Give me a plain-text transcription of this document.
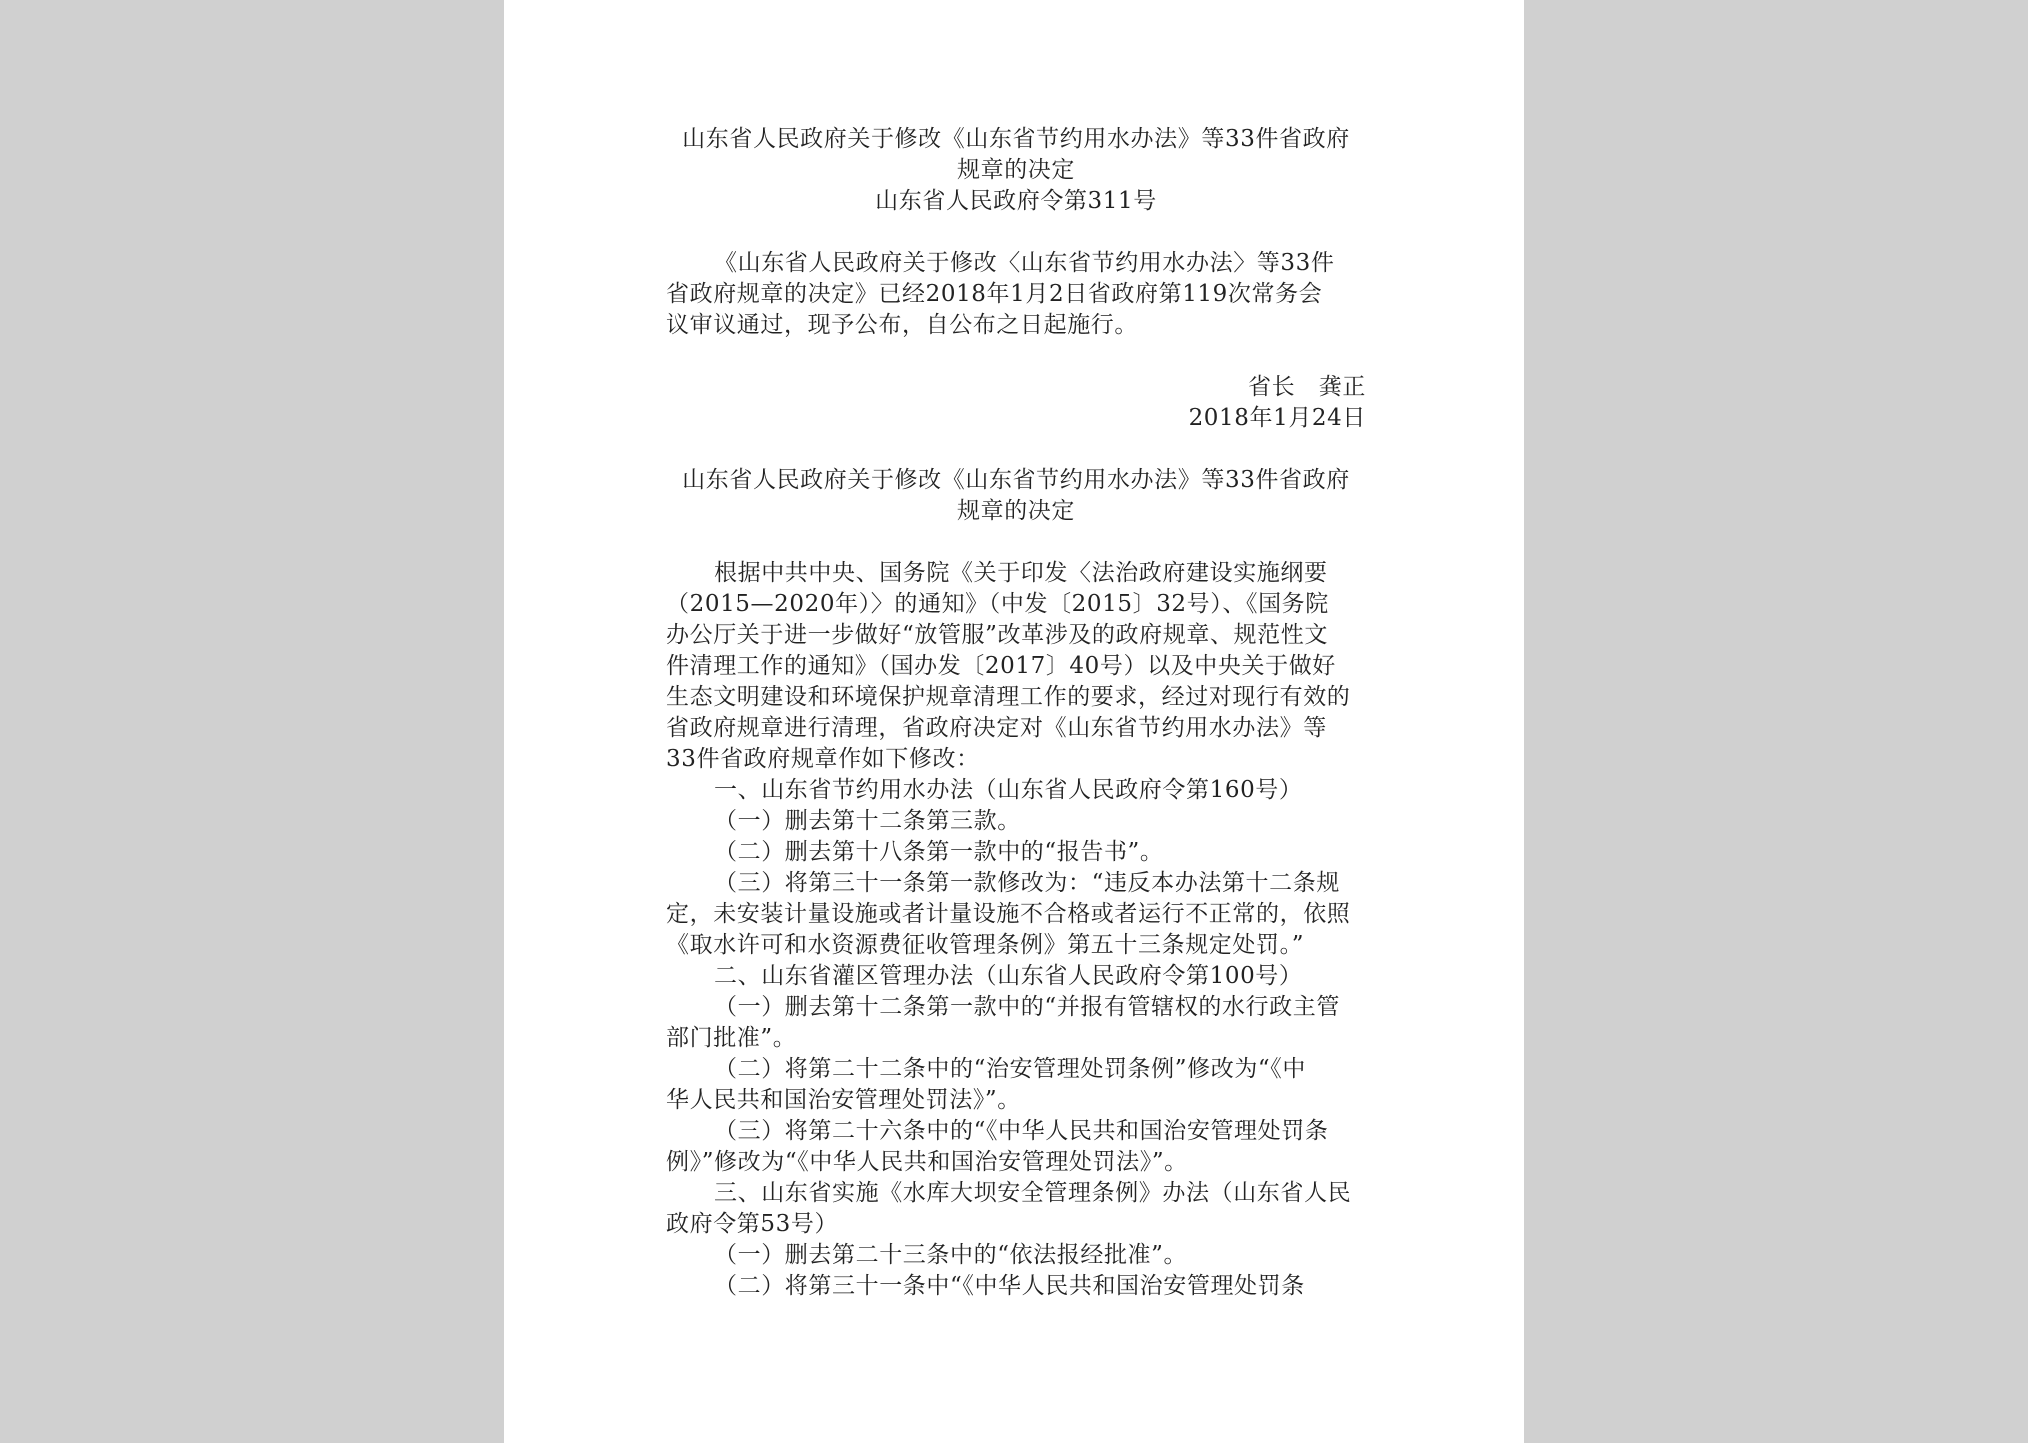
山东省人民政府关于修改《山东省节约用水办法》等33件省政府
规章的决定
山东省人民政府令第311号
《山东省人民政府关于修改〈山东省节约用水办法〉等33件
省政府规章的决定》已经2018年1月2日省政府第119次常务会
议审议通过，现予公布，自公布之日起施行。
省长　龚正
2018年1月24日
山东省人民政府关于修改《山东省节约用水办法》等33件省政府
规章的决定
根据中共中央、国务院《关于印发〈法治政府建设实施纲要
（2015—2020年）〉的通知》（中发〔2015〕32号）、《国务院
办公厅关于进一步做好“放管服”改革涉及的政府规章、规范性文
件清理工作的通知》（国办发〔2017〕40号）以及中央关于做好
生态文明建设和环境保护规章清理工作的要求，经过对现行有效的
省政府规章进行清理，省政府决定对《山东省节约用水办法》等
33件省政府规章作如下修改：
一、山东省节约用水办法（山东省人民政府令第160号）
（一）删去第十二条第三款。
（二）删去第十八条第一款中的“报告书”。
（三）将第三十一条第一款修改为：“违反本办法第十二条规
定，未安装计量设施或者计量设施不合格或者运行不正常的，依照
《取水许可和水资源费征收管理条例》第五十三条规定处罚。”
二、山东省灌区管理办法（山东省人民政府令第100号）
（一）删去第十二条第一款中的“并报有管辖权的水行政主管
部门批准”。
（二）将第二十二条中的“治安管理处罚条例”修改为“《中
华人民共和国治安管理处罚法》”。
（三）将第二十六条中的“《中华人民共和国治安管理处罚条
例》”修改为“《中华人民共和国治安管理处罚法》”。
三、山东省实施《水库大坝安全管理条例》办法（山东省人民
政府令第53号）
（一）删去第二十三条中的“依法报经批准”。
（二）将第三十一条中“《中华人民共和国治安管理处罚条
